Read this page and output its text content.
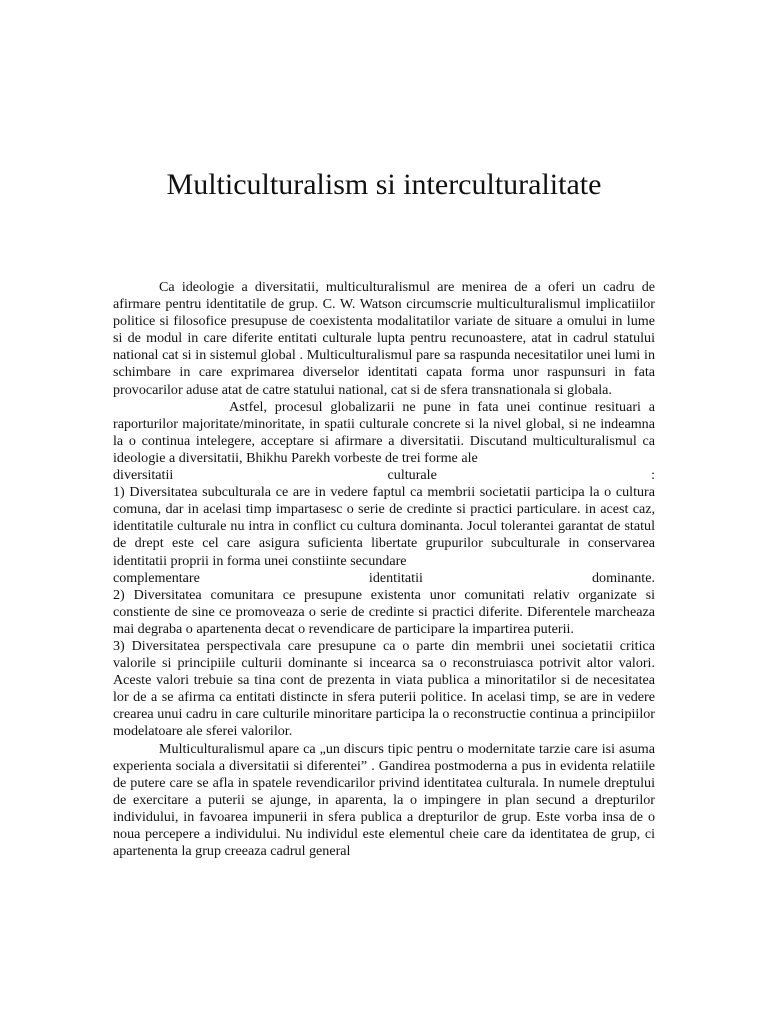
Multiculturalism si interculturalitate

Ca ideologie a diversitatii, multiculturalismul are menirea de a oferi un cadru de afirmare pentru identitatile de grup. C. W. Watson circumscrie multiculturalismul implicatiilor politice si filosofice presupuse de coexistenta modalitatilor variate de situare a omului in lume si de modul in care diferite entitati culturale lupta pentru recunoastere, atat in cadrul statului national cat si in sistemul global . Multiculturalismul pare sa raspunda necesitatilor unei lumi in schimbare in care exprimarea diverselor identitati capata forma unor raspunsuri in fata provocarilor aduse atat de catre statului national, cat si de sfera transnationala si globala.

Astfel, procesul globalizarii ne pune in fata unei continue resituari a raporturilor majoritate/minoritate, in spatii culturale concrete si la nivel global, si ne indeamna la o continua intelegere, acceptare si afirmare a diversitatii. Discutand multiculturalismul ca ideologie a diversitatii, Bhikhu Parekh vorbeste de trei forme ale

diversitatii culturale :

1) Diversitatea subculturala ce are in vedere faptul ca membrii societatii participa la o cultura comuna, dar in acelasi timp impartasesc o serie de credinte si practici particulare. in acest caz, identitatile culturale nu intra in conflict cu cultura dominanta. Jocul tolerantei garantat de statul de drept este cel care asigura suficienta libertate grupurilor subculturale in conservarea identitatii proprii in forma unei constiinte secundare

complementare identitatii dominante.

2) Diversitatea comunitara ce presupune existenta unor comunitati relativ organizate si constiente de sine ce promoveaza o serie de credinte si practici diferite. Diferentele marcheaza mai degraba o apartenenta decat o revendicare de participare la impartirea puterii.

3) Diversitatea perspectivala care presupune ca o parte din membrii unei societatii critica valorile si principiile culturii dominante si incearca sa o reconstruiasca potrivit altor valori. Aceste valori trebuie sa tina cont de prezenta in viata publica a minoritatilor si de necesitatea lor de a se afirma ca entitati distincte in sfera puterii politice. In acelasi timp, se are in vedere crearea unui cadru in care culturile minoritare participa la o reconstructie continua a principiilor modelatoare ale sferei valorilor.

Multiculturalismul apare ca „un discurs tipic pentru o modernitate tarzie care isi asuma experienta sociala a diversitatii si diferentei” . Gandirea postmoderna a pus in evidenta relatiile de putere care se afla in spatele revendicarilor privind identitatea culturala. In numele dreptului de exercitare a puterii se ajunge, in aparenta, la o impingere in plan secund a drepturilor individului, in favoarea impunerii in sfera publica a drepturilor de grup. Este vorba insa de o noua percepere a individului. Nu individul este elementul cheie care da identitatea de grup, ci apartenenta la grup creeaza cadrul general
